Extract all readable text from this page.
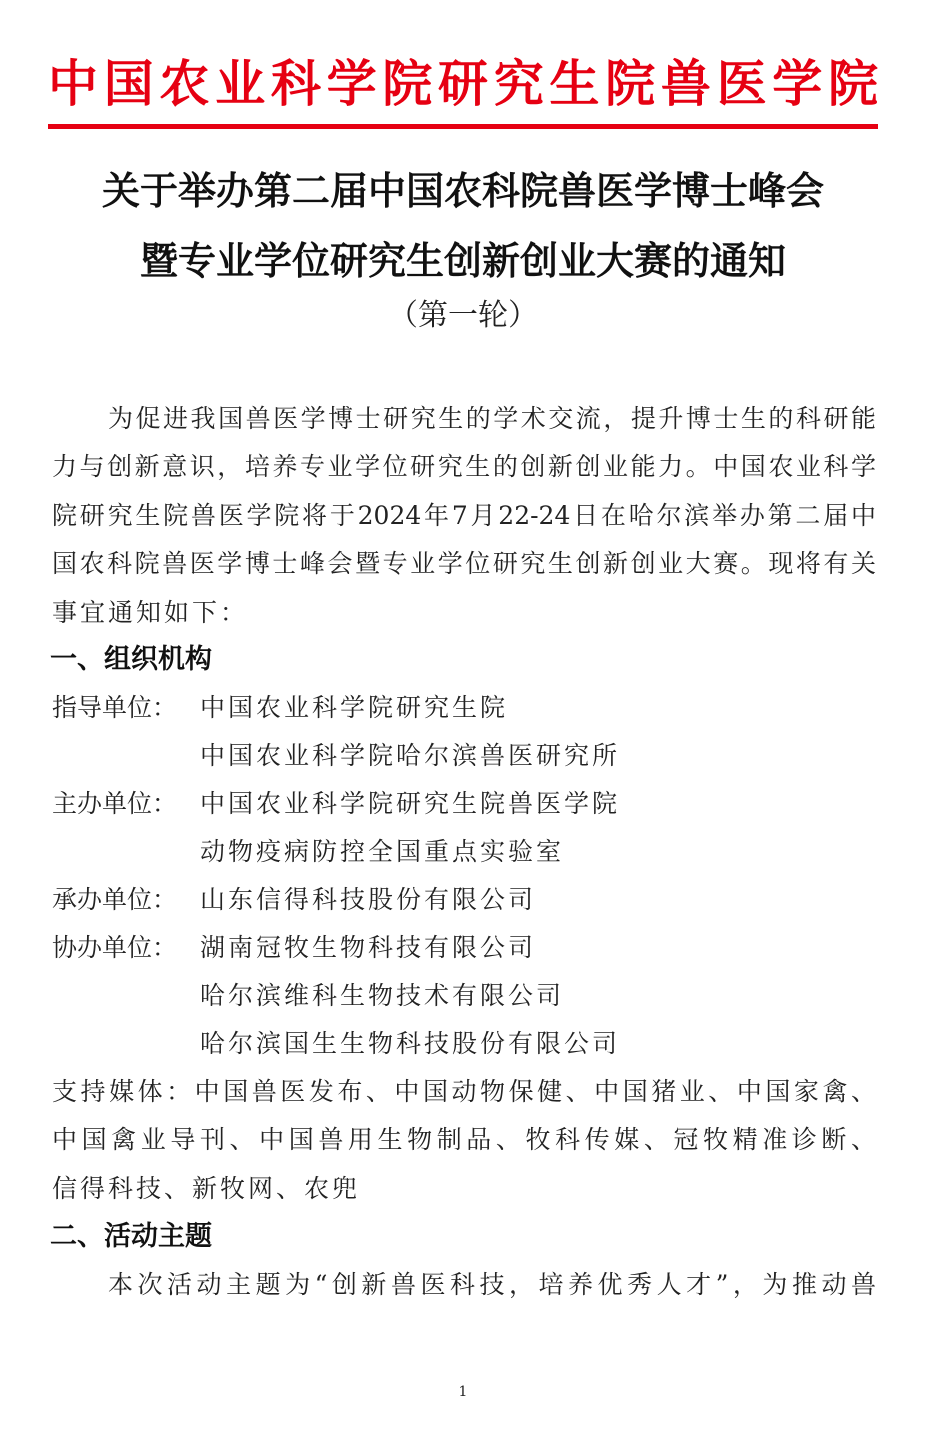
中国农业科学院研究生院兽医学院
关于举办第二届中国农科院兽医学博士峰会
暨专业学位研究生创新创业大赛的通知
（第一轮）
为促进我国兽医学博士研究生的学术交流，提升博士生的科研能
力与创新意识，培养专业学位研究生的创新创业能力。中国农业科学
院研究生院兽医学院将于2024年7月22-24日在哈尔滨举办第二届中
国农科院兽医学博士峰会暨专业学位研究生创新创业大赛。现将有关
事宜通知如下：
一、组织机构
指导单位： 中国农业科学院研究生院
中国农业科学院哈尔滨兽医研究所
主办单位： 中国农业科学院研究生院兽医学院
动物疫病防控全国重点实验室
承办单位： 山东信得科技股份有限公司
协办单位： 湖南冠牧生物科技有限公司
哈尔滨维科生物技术有限公司
哈尔滨国生生物科技股份有限公司
支持媒体：中国兽医发布、中国动物保健、中国猪业、中国家禽、
中国禽业导刊、中国兽用生物制品、牧科传媒、冠牧精准诊断、
信得科技、新牧网、农兜
二、活动主题
本次活动主题为“创新兽医科技，培养优秀人才”，为推动兽
1
